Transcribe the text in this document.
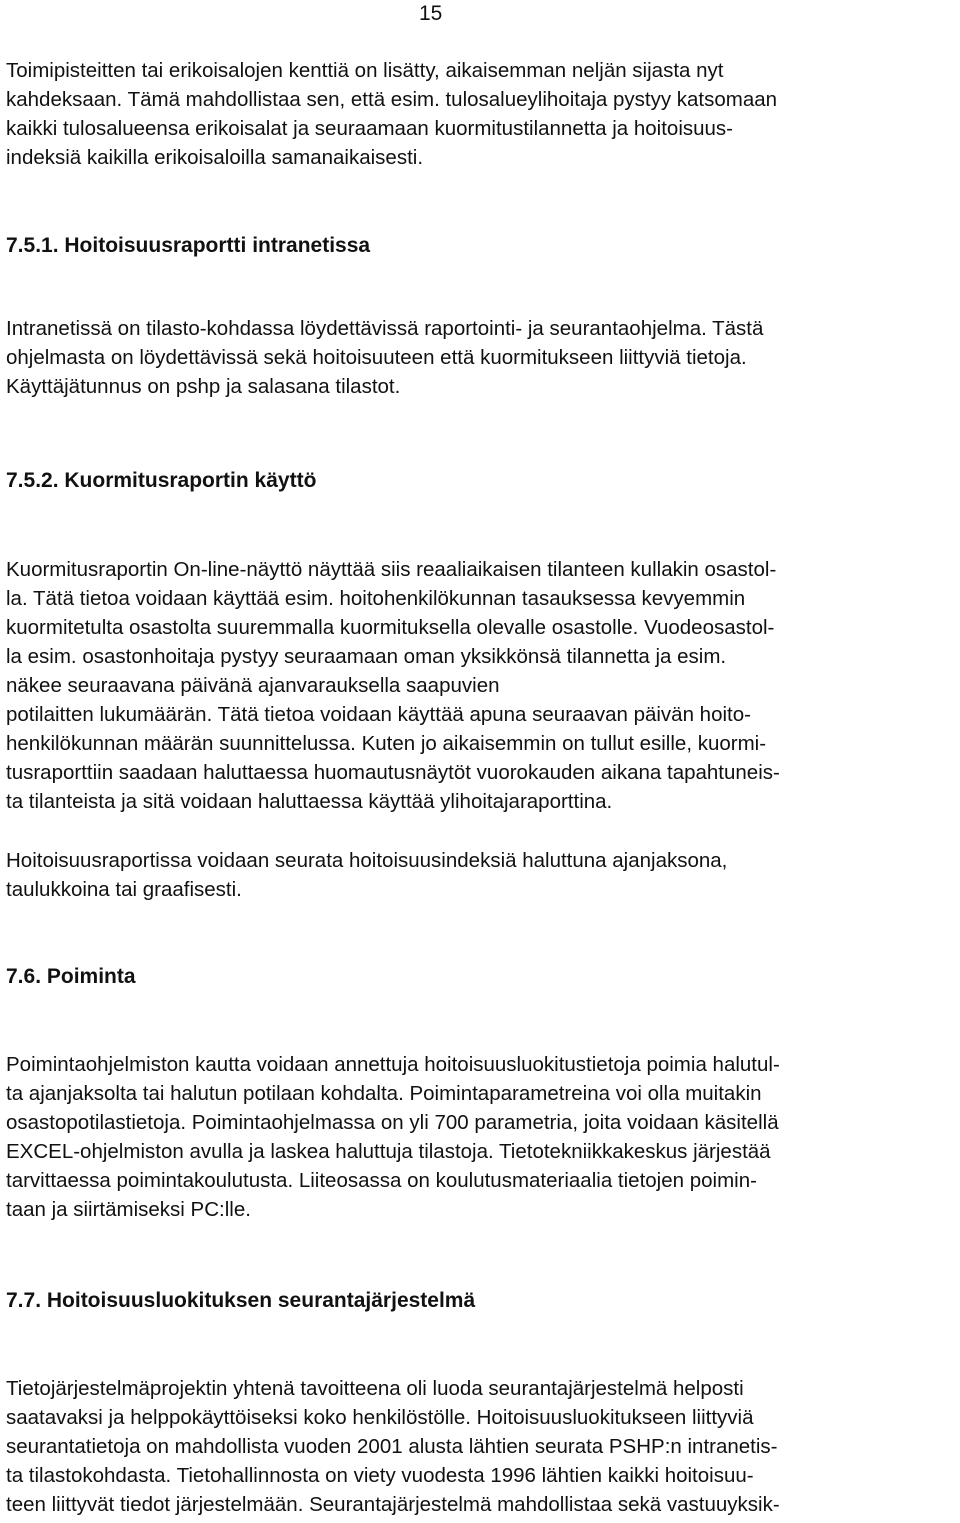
15
Toimipisteitten tai erikoisalojen kenttiä on lisätty, aikaisemman neljän sijasta nyt
kahdeksaan. Tämä mahdollistaa sen, että esim. tulosalueylihoitaja pystyy katsomaan
kaikki tulosalueensa erikoisalat ja seuraamaan kuormitustilannetta ja hoitoisuus-
indeksiä kaikilla erikoisaloilla samanaikaisesti.
7.5.1. Hoitoisuusraportti intranetissa
Intranetissä on tilasto-kohdassa löydettävissä raportointi- ja seurantaohjelma. Tästä
ohjelmasta on löydettävissä sekä hoitoisuuteen että kuormitukseen liittyviä tietoja.
Käyttäjätunnus on pshp ja salasana tilastot.
7.5.2. Kuormitusraportin käyttö
Kuormitusraportin On-line-näyttö näyttää siis reaaliaikaisen tilanteen kullakin osastol-
la. Tätä tietoa voidaan käyttää esim. hoitohenkilökunnan tasauksessa kevyemmin
kuormitetulta osastolta suuremmalla kuormituksella olevalle osastolle. Vuodeosastol-
la esim. osastonhoitaja pystyy seuraamaan oman yksikkönsä tilannetta ja esim.
näkee seuraavana päivänä ajanvarauksella saapuvien
potilaitten lukumäärän. Tätä tietoa voidaan käyttää apuna seuraavan päivän hoito-
henkilökunnan määrän suunnittelussa. Kuten jo aikaisemmin on tullut esille, kuormi-
tusraporttiin saadaan haluttaessa huomautusnäytöt vuorokauden aikana tapahtuneis-
ta tilanteista ja sitä voidaan haluttaessa käyttää ylihoitajaraporttina.
Hoitoisuusraportissa voidaan seurata hoitoisuusindeksiä haluttuna ajanjaksona,
taulukkoina tai graafisesti.
7.6. Poiminta
Poimintaohjelmiston kautta voidaan annettuja hoitoisuusluokitustietoja poimia halutul-
ta ajanjaksolta tai halutun potilaan kohdalta. Poimintaparametreina voi olla muitakin
osastopotilastietoja. Poimintaohjelmassa on yli 700 parametria, joita voidaan käsitellä
EXCEL-ohjelmiston avulla ja laskea haluttuja tilastoja. Tietotekniikkakeskus järjestää
tarvittaessa poimintakoulutusta. Liiteosassa on koulutusmateriaalia tietojen poimin-
taan ja siirtämiseksi PC:lle.
7.7. Hoitoisuusluokituksen seurantajärjestelmä
Tietojärjestelmäprojektin yhtenä tavoitteena oli luoda seurantajärjestelmä helposti
saatavaksi ja helppokäyttöiseksi koko henkilöstölle. Hoitoisuusluokitukseen liittyviä
seurantatietoja on mahdollista vuoden 2001 alusta lähtien seurata PSHP:n intranetis-
ta tilastokohdasta. Tietohallinnosta on viety vuodesta 1996 lähtien kaikki hoitoisuu-
teen liittyvät tiedot järjestelmään. Seurantajärjestelmä mahdollistaa sekä vastuuyksik-
